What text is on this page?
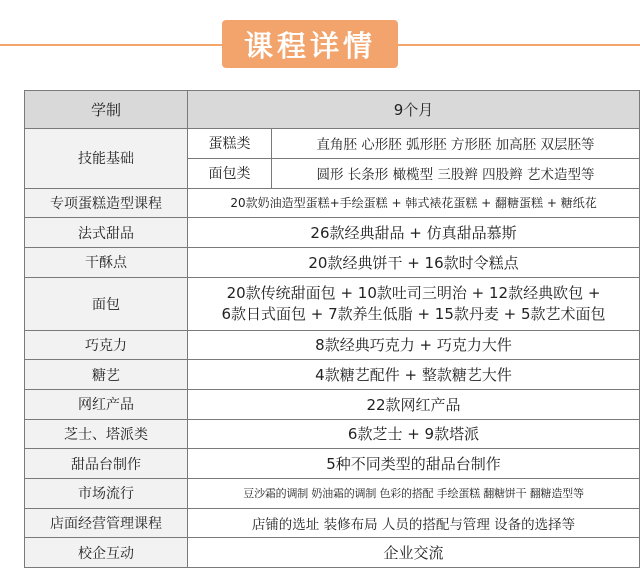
课程详情
学制	9个月	
技能基础	蛋糕类	直角胚 心形胚 弧形胚 方形胚 加高胚 双层胚等
	面包类	圆形 长条形 橄榄型 三股辫 四股辫 艺术造型等
专项蛋糕造型课程	20款奶油造型蛋糕+手绘蛋糕 + 韩式裱花蛋糕 + 翻糖蛋糕 + 糖纸花	
法式甜品	26款经典甜品 + 仿真甜品慕斯	
干酥点	20款经典饼干 + 16款时令糕点	
面包	20款传统甜面包 + 10款吐司三明治 + 12款经典欧包 +
6款日式面包 + 7款养生低脂 + 15款丹麦 + 5款艺术面包	

巧克力	8款经典巧克力 + 巧克力大件	
糖艺	4款糖艺配件 + 整款糖艺大件	
网红产品	22款网红产品	
芝士、塔派类	6款芝士 + 9款塔派	
甜品台制作	5种不同类型的甜品台制作	
市场流行	豆沙霜的调制 奶油霜的调制 色彩的搭配 手绘蛋糕 翻糖饼干 翻糖造型等	
店面经营管理课程	店铺的选址 装修布局 人员的搭配与管理 设备的选择等	
校企互动	企业交流	
